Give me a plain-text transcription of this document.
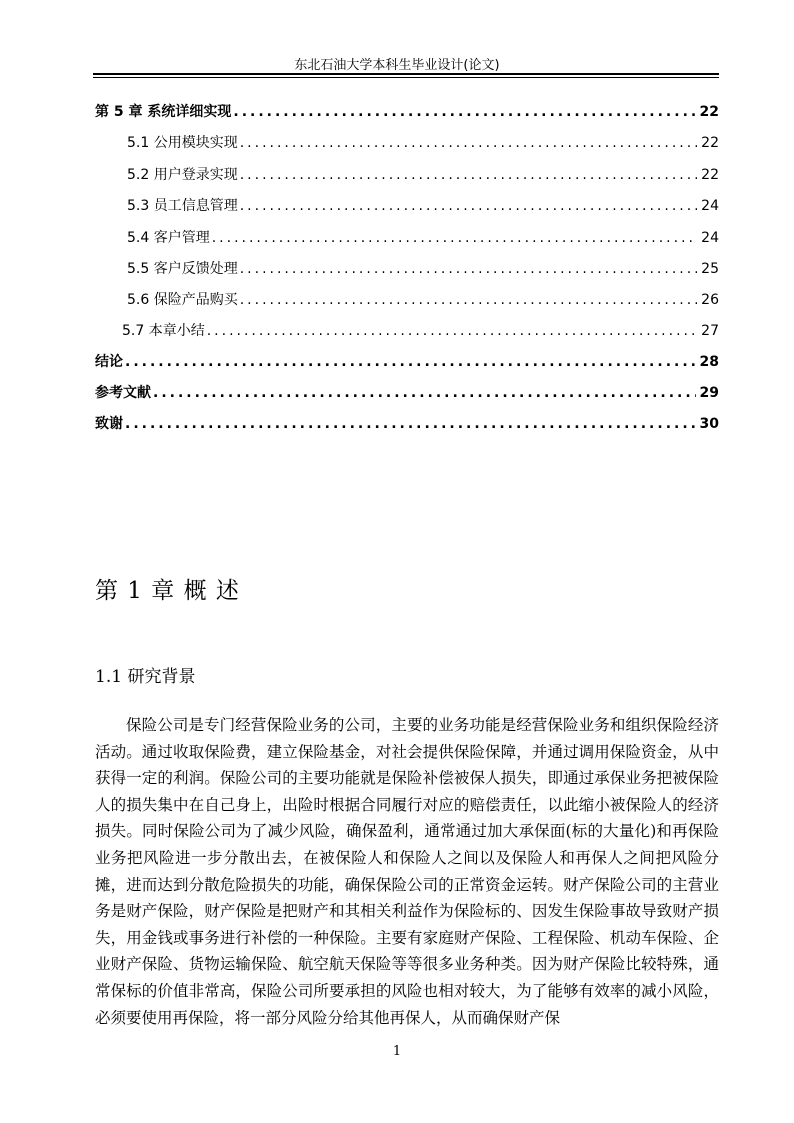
东北石油大学本科生毕业设计(论文)
第 5 章 系统详细实现 .....	22
5.1 公用模块实现 .....	22
5.2 用户登录实现 .....	22
5.3 员工信息管理 .....	24
5.4 客户管理 .....	24
5.5 客户反馈处理 .....	25
5.6 保险产品购买 .....	26
5.7 本章小结 .....	27
结论 .....	28
参考文献 .....	29
致谢 .....	30
第 1 章 概 述
1.1 研究背景
保险公司是专门经营保险业务的公司，主要的业务功能是经营保险业务和组织保险经济活动。通过收取保险费，建立保险基金，对社会提供保险保障，并通过调用保险资金，从中获得一定的利润。保险公司的主要功能就是保险补偿被保人损失，即通过承保业务把被保险人的损失集中在自己身上，出险时根据合同履行对应的赔偿责任，以此缩小被保险人的经济损失。同时保险公司为了减少风险，确保盈利，通常通过加大承保面(标的大量化)和再保险业务把风险进一步分散出去，在被保险人和保险人之间以及保险人和再保人之间把风险分摊，进而达到分散危险损失的功能，确保保险公司的正常资金运转。财产保险公司的主营业务是财产保险，财产保险是把财产和其相关利益作为保险标的、因发生保险事故导致财产损失，用金钱或事务进行补偿的一种保险。主要有家庭财产保险、工程保险、机动车保险、企业财产保险、货物运输保险、航空航天保险等等很多业务种类。因为财产保险比较特殊，通常保标的价值非常高，保险公司所要承担的风险也相对较大，为了能够有效率的减小风险，必须要使用再保险，将一部分风险分给其他再保人，从而确保财产保
1
